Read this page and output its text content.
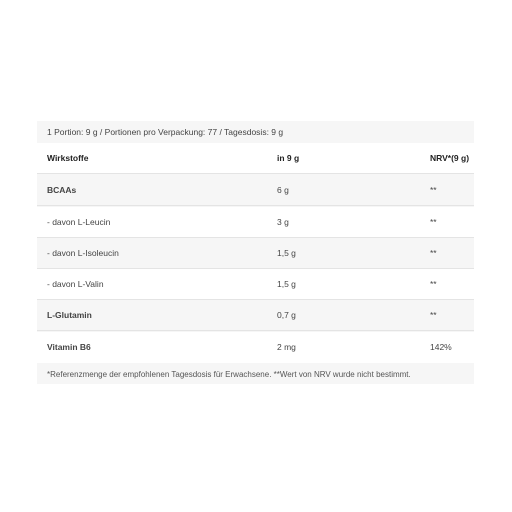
1 Portion: 9 g / Portionen pro Verpackung: 77 / Tagesdosis: 9 g
Wirkstoffe	in 9 g	NRV*(9 g)
BCAAs	6 g	**
- davon L-Leucin	3 g	**
- davon L-Isoleucin	1,5 g	**
- davon L-Valin	1,5 g	**
L-Glutamin	0,7 g	**
Vitamin B6	2 mg	142%
*Referenzmenge der empfohlenen Tagesdosis für Erwachsene. **Wert von NRV wurde nicht bestimmt.
